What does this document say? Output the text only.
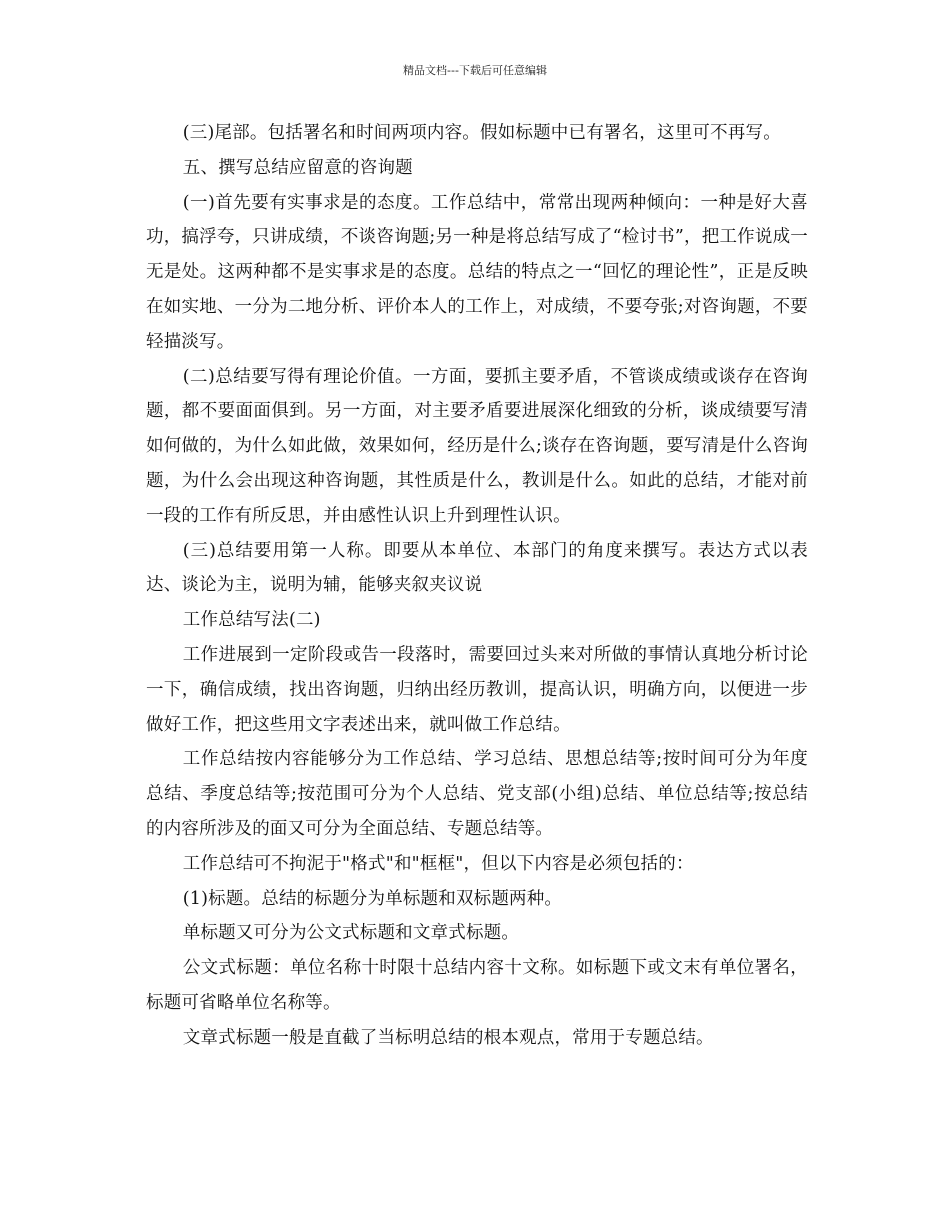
精品文档---下载后可任意编辑

(三)尾部。包括署名和时间两项内容。假如标题中已有署名，这里可不再写。

五、撰写总结应留意的咨询题

(一)首先要有实事求是的态度。工作总结中，常常出现两种倾向：一种是好大喜功，搞浮夸，只讲成绩，不谈咨询题;另一种是将总结写成了“检讨书”，把工作说成一无是处。这两种都不是实事求是的态度。总结的特点之一“回忆的理论性”，正是反映在如实地、一分为二地分析、评价本人的工作上，对成绩，不要夸张;对咨询题，不要轻描淡写。

(二)总结要写得有理论价值。一方面，要抓主要矛盾，不管谈成绩或谈存在咨询题，都不要面面俱到。另一方面，对主要矛盾要进展深化细致的分析，谈成绩要写清如何做的，为什么如此做，效果如何，经历是什么;谈存在咨询题，要写清是什么咨询题，为什么会出现这种咨询题，其性质是什么，教训是什么。如此的总结，才能对前一段的工作有所反思，并由感性认识上升到理性认识。

(三)总结要用第一人称。即要从本单位、本部门的角度来撰写。表达方式以表达、谈论为主，说明为辅，能够夹叙夹议说

工作总结写法(二)

工作进展到一定阶段或告一段落时，需要回过头来对所做的事情认真地分析讨论一下，确信成绩，找出咨询题，归纳出经历教训，提高认识，明确方向，以便进一步做好工作，把这些用文字表述出来，就叫做工作总结。

工作总结按内容能够分为工作总结、学习总结、思想总结等;按时间可分为年度总结、季度总结等;按范围可分为个人总结、党支部(小组)总结、单位总结等;按总结的内容所涉及的面又可分为全面总结、专题总结等。

工作总结可不拘泥于"格式"和"框框"，但以下内容是必须包括的：

(1)标题。总结的标题分为单标题和双标题两种。

单标题又可分为公文式标题和文章式标题。

公文式标题：单位名称十时限十总结内容十文称。如标题下或文末有单位署名，标题可省略单位名称等。

文章式标题一般是直截了当标明总结的根本观点，常用于专题总结。
